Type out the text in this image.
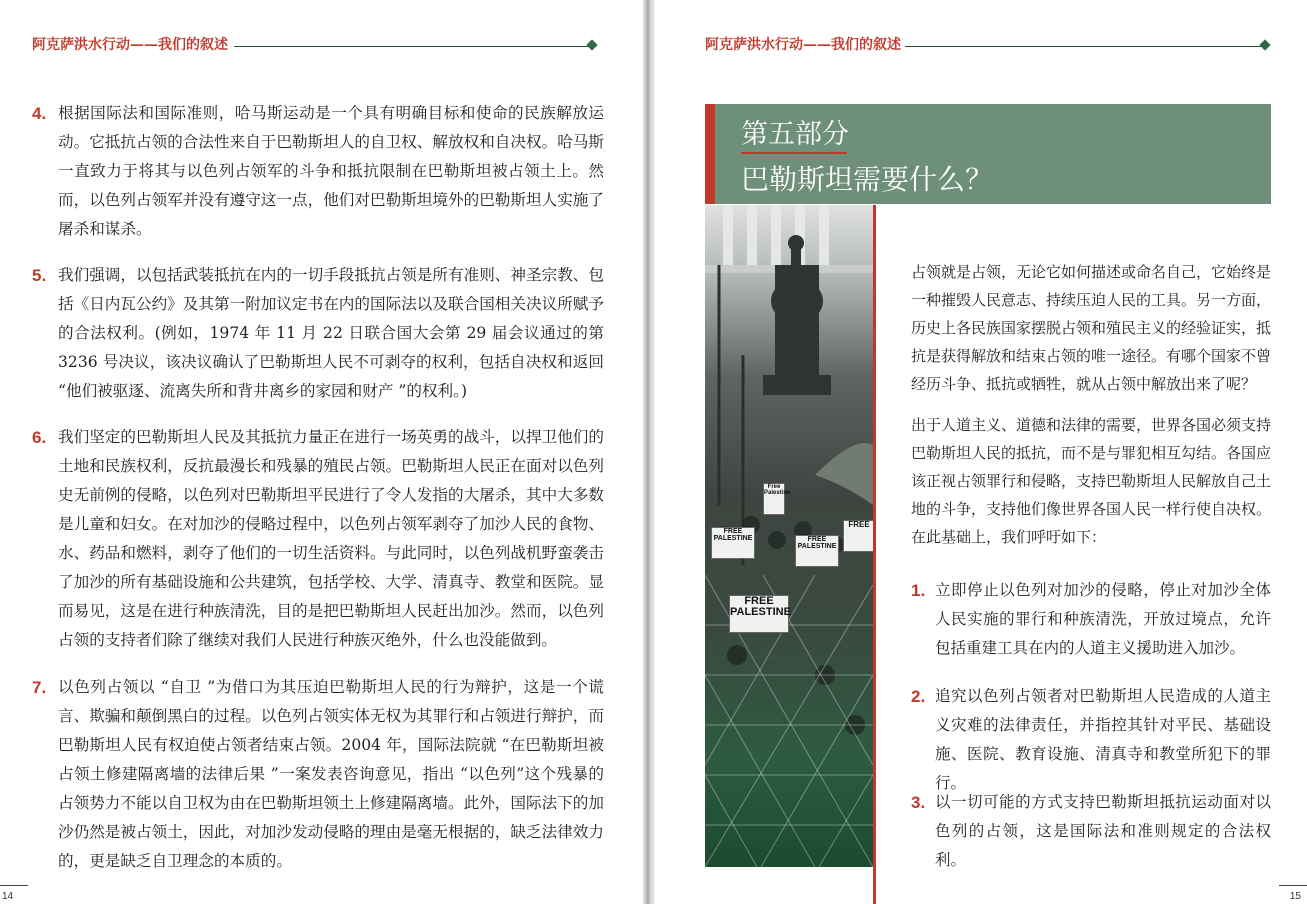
阿克萨洪水行动——我们的叙述
4. 根据国际法和国际准则，哈马斯运动是一个具有明确目标和使命的民族解放运动。它抵抗占领的合法性来自于巴勒斯坦人的自卫权、解放权和自决权。哈马斯一直致力于将其与以色列占领军的斗争和抵抗限制在巴勒斯坦被占领土上。然而，以色列占领军并没有遵守这一点，他们对巴勒斯坦境外的巴勒斯坦人实施了屠杀和谋杀。
5. 我们强调，以包括武装抵抗在内的一切手段抵抗占领是所有准则、神圣宗教、包括《日内瓦公约》及其第一附加议定书在内的国际法以及联合国相关决议所赋予的合法权利。(例如，1974 年 11 月 22 日联合国大会第 29 届会议通过的第 3236 号决议，该决议确认了巴勒斯坦人民不可剥夺的权利，包括自决权和返回 “他们被驱逐、流离失所和背井离乡的家园和财产 ”的权利。)
6. 我们坚定的巴勒斯坦人民及其抵抗力量正在进行一场英勇的战斗，以捍卫他们的土地和民族权利，反抗最漫长和残暴的殖民占领。巴勒斯坦人民正在面对以色列史无前例的侵略，以色列对巴勒斯坦平民进行了令人发指的大屠杀，其中大多数是儿童和妇女。在对加沙的侵略过程中，以色列占领军剥夺了加沙人民的食物、水、药品和燃料，剥夺了他们的一切生活资料。与此同时，以色列战机野蛮袭击了加沙的所有基础设施和公共建筑，包括学校、大学、清真寺、教堂和医院。显而易见，这是在进行种族清洗，目的是把巴勒斯坦人民赶出加沙。然而，以色列占领的支持者们除了继续对我们人民进行种族灭绝外，什么也没能做到。
7. 以色列占领以 “自卫 ”为借口为其压迫巴勒斯坦人民的行为辩护，这是一个谎言、欺骗和颠倒黑白的过程。以色列占领实体无权为其罪行和占领进行辩护，而巴勒斯坦人民有权迫使占领者结束占领。2004 年，国际法院就 “在巴勒斯坦被占领土修建隔离墙的法律后果 ”一案发表咨询意见，指出 “以色列”这个残暴的占领势力不能以自卫权为由在巴勒斯坦领土上修建隔离墙。此外，国际法下的加沙仍然是被占领土，因此，对加沙发动侵略的理由是毫无根据的，缺乏法律效力的，更是缺乏自卫理念的本质的。
14
阿克萨洪水行动——我们的叙述
第五部分
巴勒斯坦需要什么？
Free Palestine
FREE
FREE PALESTINE	FREE PALESTINE
FREE PALESTINE
占领就是占领，无论它如何描述或命名自己，它始终是一种摧毁人民意志、持续压迫人民的工具。另一方面，历史上各民族国家摆脱占领和殖民主义的经验证实，抵抗是获得解放和结束占领的唯一途径。有哪个国家不曾经历斗争、抵抗或牺牲，就从占领中解放出来了呢？
出于人道主义、道德和法律的需要，世界各国必须支持巴勒斯坦人民的抵抗，而不是与罪犯相互勾结。各国应该正视占领罪行和侵略，支持巴勒斯坦人民解放自己土地的斗争，支持他们像世界各国人民一样行使自决权。在此基础上，我们呼吁如下：
1. 立即停止以色列对加沙的侵略，停止对加沙全体人民实施的罪行和种族清洗，开放过境点，允许包括重建工具在内的人道主义援助进入加沙。
2. 追究以色列占领者对巴勒斯坦人民造成的人道主义灾难的法律责任，并指控其针对平民、基础设施、医院、教育设施、清真寺和教堂所犯下的罪行。
3. 以一切可能的方式支持巴勒斯坦抵抗运动面对以色列的占领，这是国际法和准则规定的合法权利。
15
